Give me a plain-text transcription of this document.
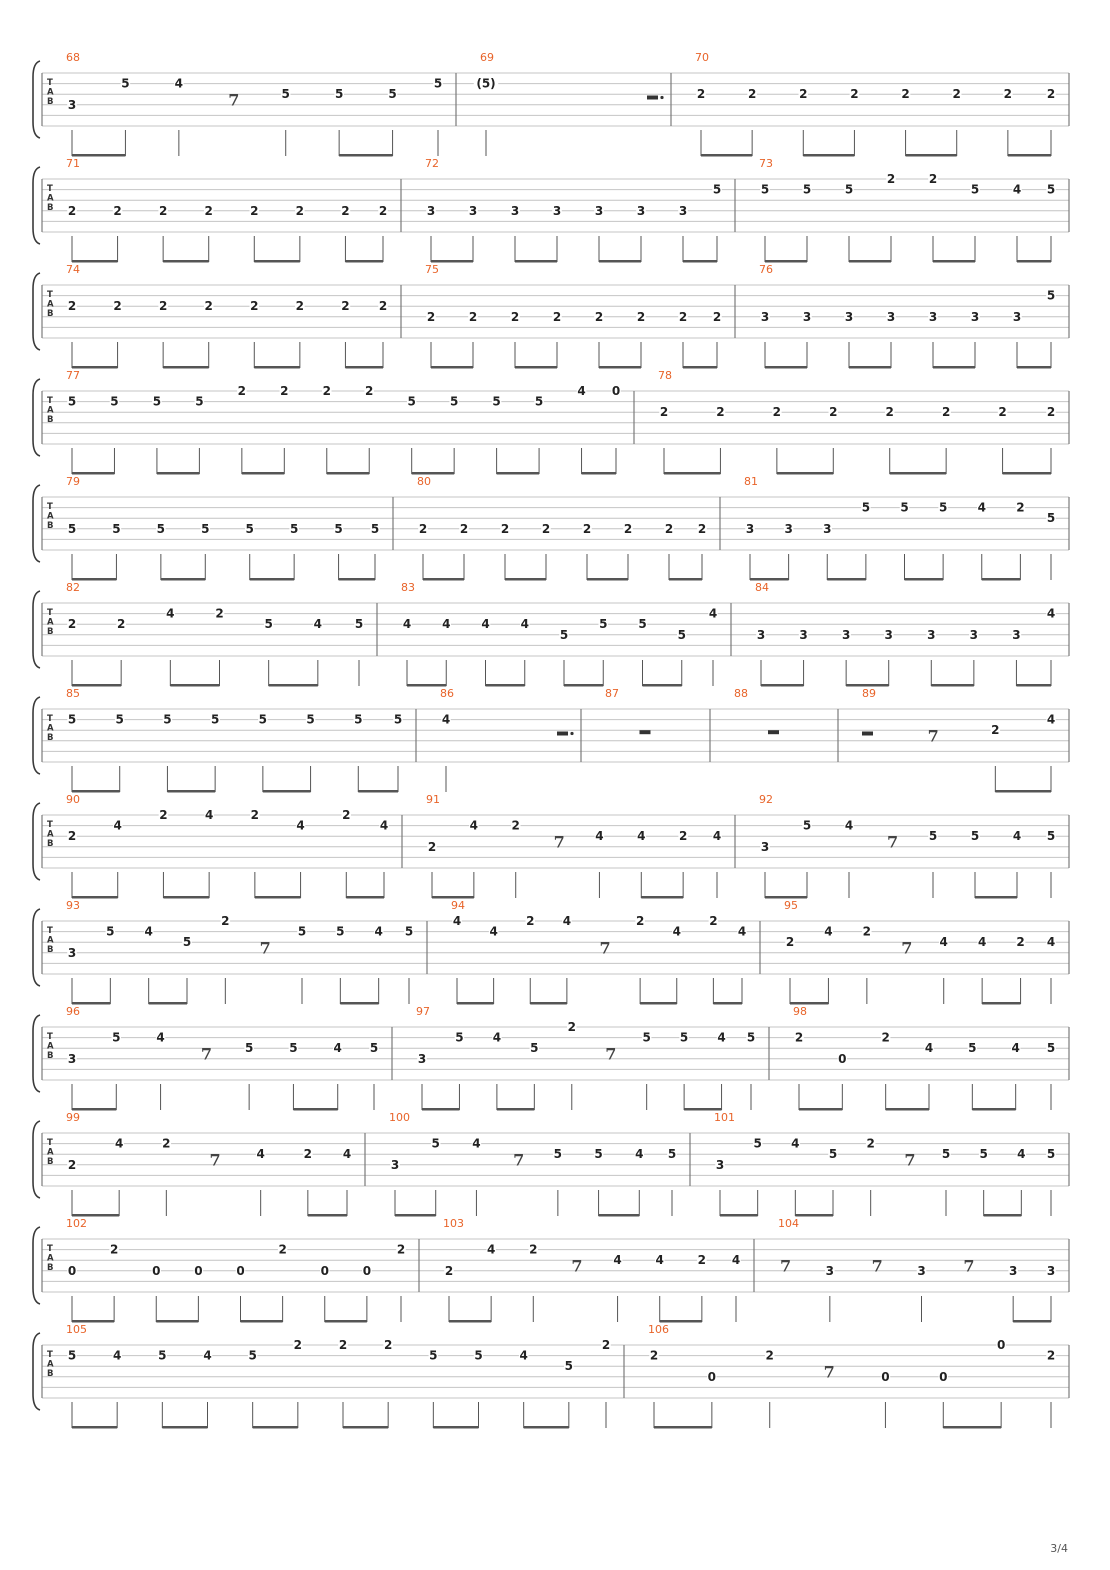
T
A
B
68
3
5	4
7	5	5	5
5
69
(5)
70
2	2	2	2	2	2	2	2
T
A
B
71
2	2	2	2	2	2	2 2
72
3	3	3	3	3	3	3
5
73
5	5	5
2	2
5	4 5
T
A
B
74
2	2	2	2	2	2	2 2
75
2	2	2	2	2	2	2 2
76
3	3	3	3	3	3	3
5
T
A
B
77
5	5	5	5
2	2	2	2
5	5	5	5
4 0
78
2	2	2	2	2	2	2	2
T
A
B
79
5	5	5	5	5	5	5 5
80
2	2	2	2	2	2	2 2
81
3	3	3
5	5	5	4	2
5
T
A
B
82
2	2
4	2
5	4	5
83
4	4	4	4
5
5	5
5
4
84
3	3	3	3	3	3	3
4
T
A
B
85
5	5	5	5	5	5	5	5
86
4
87	88	89
7	2
4
T
A
B
90
2
4
2	4	2
4
2
4
91
2
4	2
7	4	4	2 4
92
3
5	4
7	5	5	4 5
T
A
B
93
3
5 4
5
2
7
5 5 4 5
94
4
4
2 4
7
2
4
2
4
95
2
4	2
7 4	4	2 4
T
A
B
96
3
5	4
7	5	5	4 5
97
3
5 4
5
2
7
5 5 4 5
98
2
0
2
4	5	4 5
T
A
B
99
2
4	2
7	4	2	4
100
3
5	4
7 5	5	4 5
101
3
5 4
5
2
7 5 5 4 5
T
A
B
102
0
2
0	0	0
2
0	0
2
103
2
4	2
7	4	4	2 4
104
7	3 7	3 7	3 3
T
A
B
105
5	4	5	4	5
2	2	2
5	5	4
5
2
106
2
0
2
7	0	0
0
2
3/4
